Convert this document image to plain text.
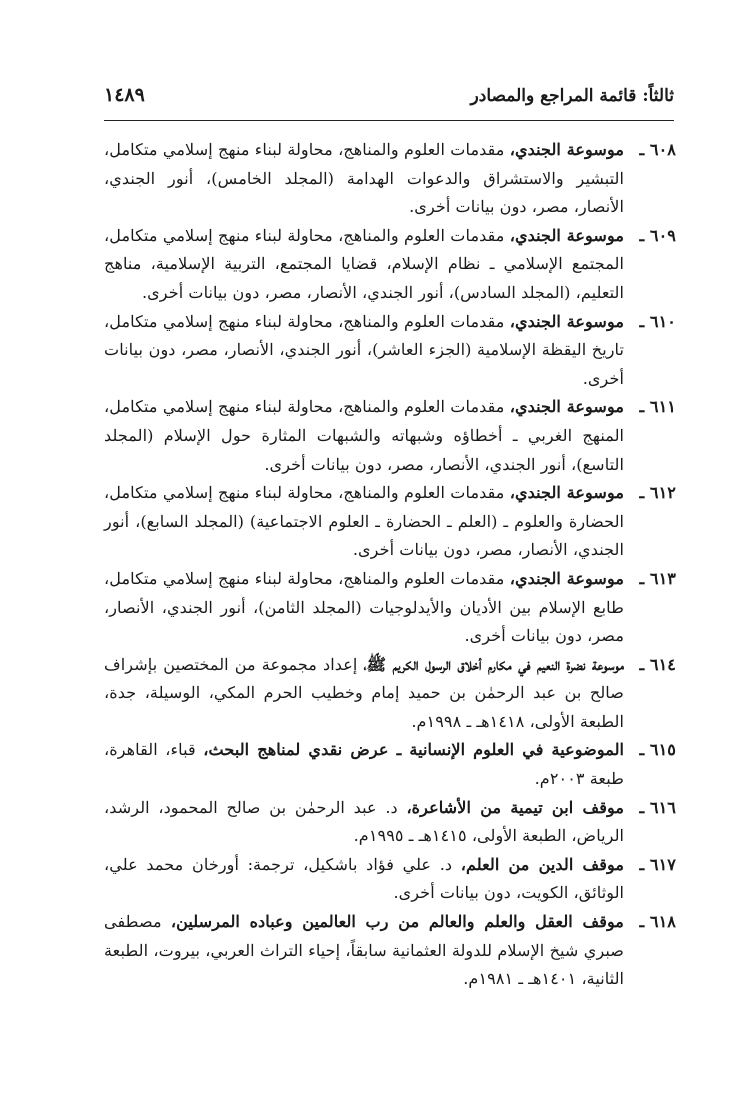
ثالثاً: قائمة المراجع والمصادر
١٤٨٩
٦٠٨ ـ
موسوعة الجندي، مقدمات العلوم والمناهج، محاولة لبناء منهج إسلامي متكامل، التبشير والاستشراق والدعوات الهدامة (المجلد الخامس)، أنور الجندي، الأنصار، مصر، دون بيانات أخرى.
٦٠٩ ـ
موسوعة الجندي، مقدمات العلوم والمناهج، محاولة لبناء منهج إسلامي متكامل، المجتمع الإسلامي ـ نظام الإسلام، قضايا المجتمع، التربية الإسلامية، مناهج التعليم، (المجلد السادس)، أنور الجندي، الأنصار، مصر، دون بيانات أخرى.
٦١٠ ـ
موسوعة الجندي، مقدمات العلوم والمناهج، محاولة لبناء منهج إسلامي متكامل، تاريخ اليقظة الإسلامية (الجزء العاشر)، أنور الجندي، الأنصار، مصر، دون بيانات أخرى.
٦١١ ـ
موسوعة الجندي، مقدمات العلوم والمناهج، محاولة لبناء منهج إسلامي متكامل، المنهج الغربي ـ أخطاؤه وشبهاته والشبهات المثارة حول الإسلام (المجلد التاسع)، أنور الجندي، الأنصار، مصر، دون بيانات أخرى.
٦١٢ ـ
موسوعة الجندي، مقدمات العلوم والمناهج، محاولة لبناء منهج إسلامي متكامل، الحضارة والعلوم ـ (العلم ـ الحضارة ـ العلوم الاجتماعية) (المجلد السابع)، أنور الجندي، الأنصار، مصر، دون بيانات أخرى.
٦١٣ ـ
موسوعة الجندي، مقدمات العلوم والمناهج، محاولة لبناء منهج إسلامي متكامل، طابع الإسلام بين الأديان والأيدلوجيات (المجلد الثامن)، أنور الجندي، الأنصار، مصر، دون بيانات أخرى.
٦١٤ ـ
موسوعة نضرة النعيم في مكارم أخلاق الرسول الكريم ﷺ، إعداد مجموعة من المختصين بإشراف صالح بن عبد الرحمٰن بن حميد إمام وخطيب الحرم المكي، الوسيلة، جدة، الطبعة الأولى، ١٤١٨هـ ـ ١٩٩٨م.
٦١٥ ـ
الموضوعية في العلوم الإنسانية ـ عرض نقدي لمناهج البحث، قباء، القاهرة، طبعة ٢٠٠٣م.
٦١٦ ـ
موقف ابن تيمية من الأشاعرة، د. عبد الرحمٰن بن صالح المحمود، الرشد، الرياض، الطبعة الأولى، ١٤١٥هـ ـ ١٩٩٥م.
٦١٧ ـ
موقف الدين من العلم، د. علي فؤاد باشكيل، ترجمة: أورخان محمد علي، الوثائق، الكويت، دون بيانات أخرى.
٦١٨ ـ
موقف العقل والعلم والعالم من رب العالمين وعباده المرسلين، مصطفى صبري شيخ الإسلام للدولة العثمانية سابقاً، إحياء التراث العربي، بيروت، الطبعة الثانية، ١٤٠١هـ ـ ١٩٨١م.
